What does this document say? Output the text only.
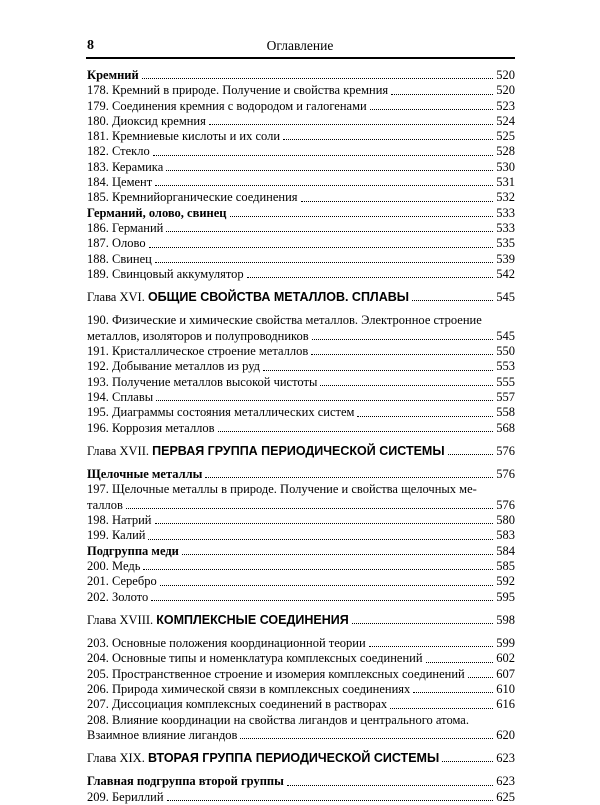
8	Оглавление
Кремний	520
178. Кремний в природе. Получение и свойства кремния	520
179. Соединения кремния с водородом и галогенами	523
180. Диоксид кремния	524
181. Кремниевые кислоты и их соли	525
182. Стекло	528
183. Керамика	530
184. Цемент	531
185. Кремнийорганические соединения	532
Германий, олово, свинец	533
186. Германий	533
187. Олово	535
188. Свинец	539
189. Свинцовый аккумулятор	542
Глава XVI.
ОБЩИЕ СВОЙСТВА МЕТАЛЛОВ. СПЛАВЫ	545
190. Физические и химические свойства металлов. Электронное строение
металлов, изоляторов и полупроводников	545
191. Кристаллическое строение металлов	550
192. Добывание металлов из руд	553
193. Получение металлов высокой чистоты	555
194. Сплавы	557
195. Диаграммы состояния металлических систем	558
196. Коррозия металлов	568
Глава XVII.
ПЕРВАЯ ГРУППА ПЕРИОДИЧЕСКОЙ СИСТЕМЫ	576
Щелочные металлы	576
197. Щелочные металлы в природе. Получение и свойства щелочных ме-
таллов	576
198. Натрий	580
199. Калий	583
Подгруппа меди	584
200. Медь	585
201. Серебро	592
202. Золото	595
Глава XVIII.
КОМПЛЕКСНЫЕ СОЕДИНЕНИЯ	598
203. Основные положения координационной теории	599
204. Основные типы и номенклатура комплексных соединений	602
205. Пространственное строение и изомерия комплексных соединений	607
206. Природа химической связи в комплексных соединениях	610
207. Диссоциация комплексных соединений в растворах	616
208. Влияние координации на свойства лигандов и центрального атома.
Взаимное влияние лигандов	620
Глава XIX.
ВТОРАЯ ГРУППА ПЕРИОДИЧЕСКОЙ СИСТЕМЫ	623
Главная подгруппа второй группы	623
209. Бериллий	625
